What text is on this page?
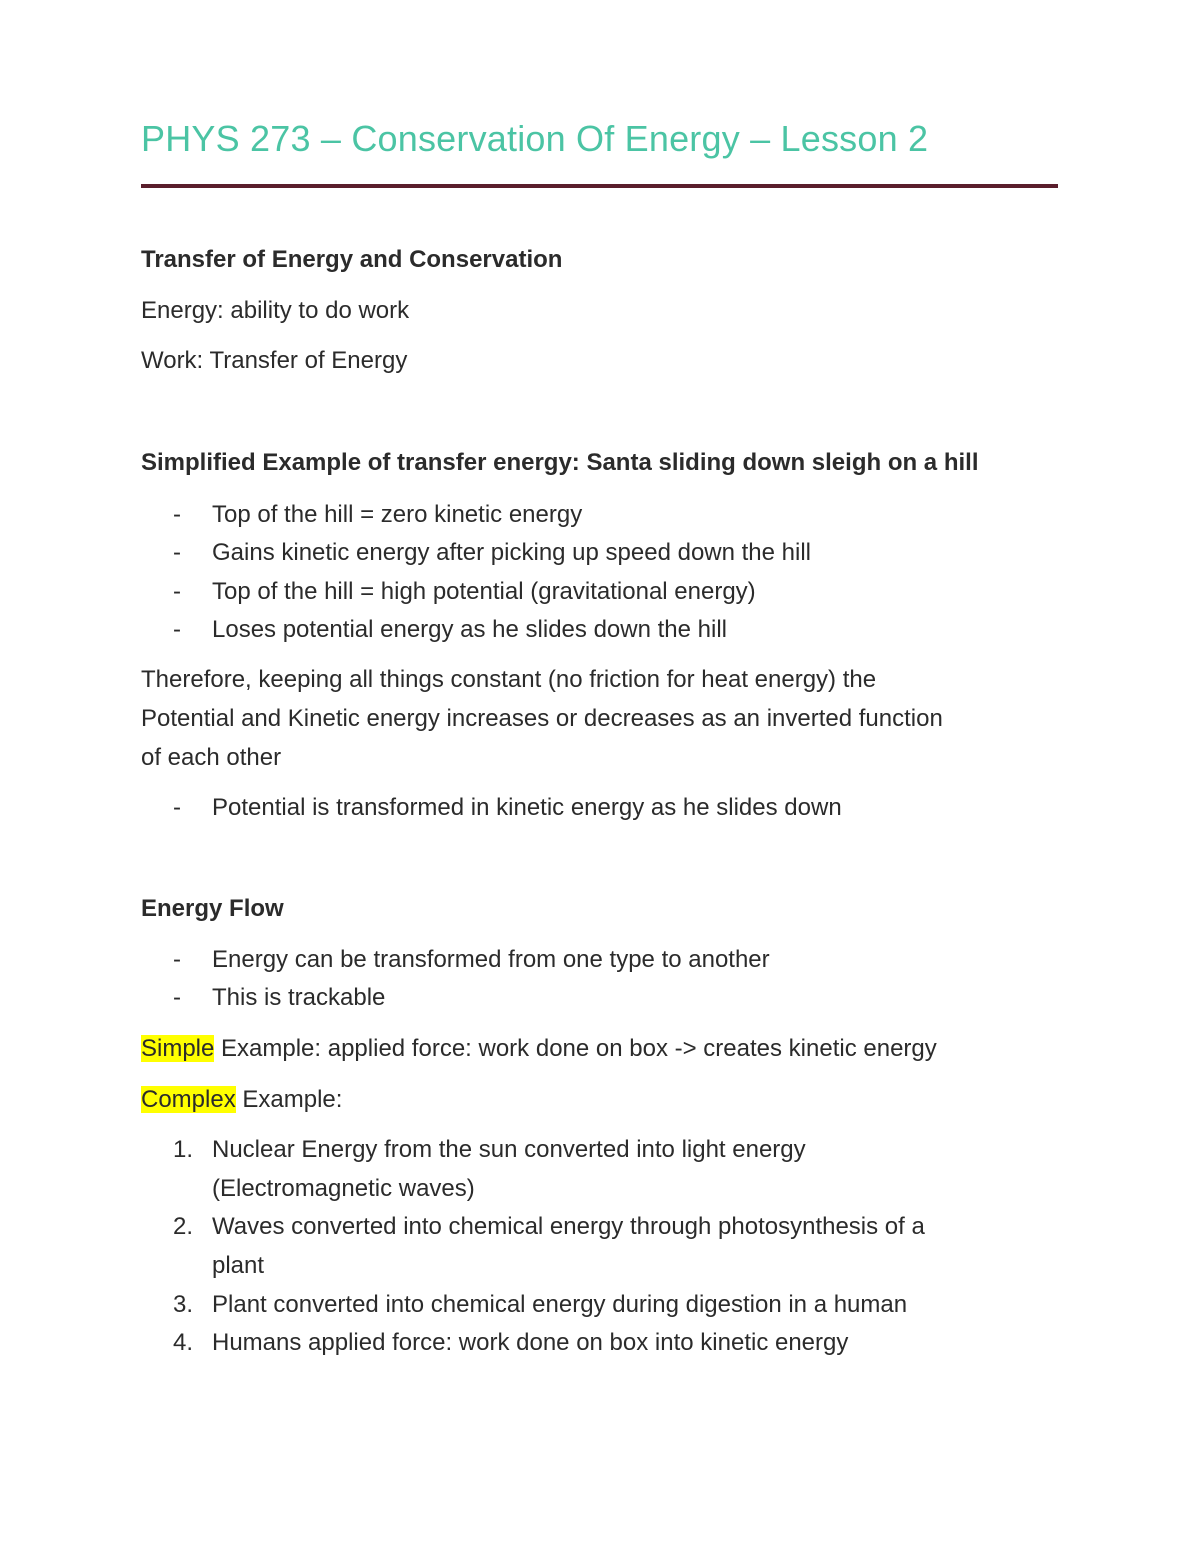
PHYS 273 – Conservation Of Energy – Lesson 2
Transfer of Energy and Conservation
Energy: ability to do work
Work: Transfer of Energy
Simplified Example of transfer energy: Santa sliding down sleigh on a hill
- Top of the hill = zero kinetic energy
- Gains kinetic energy after picking up speed down the hill
- Top of the hill = high potential (gravitational energy)
- Loses potential energy as he slides down the hill
Therefore, keeping all things constant (no friction for heat energy) the
Potential and Kinetic energy increases or decreases as an inverted function
of each other
- Potential is transformed in kinetic energy as he slides down
Energy Flow
- Energy can be transformed from one type to another
- This is trackable
Simple Example: applied force: work done on box -> creates kinetic energy
Complex Example:
1. Nuclear Energy from the sun converted into light energy
(Electromagnetic waves)
2. Waves converted into chemical energy through photosynthesis of a
plant
3. Plant converted into chemical energy during digestion in a human
4. Humans applied force: work done on box into kinetic energy
